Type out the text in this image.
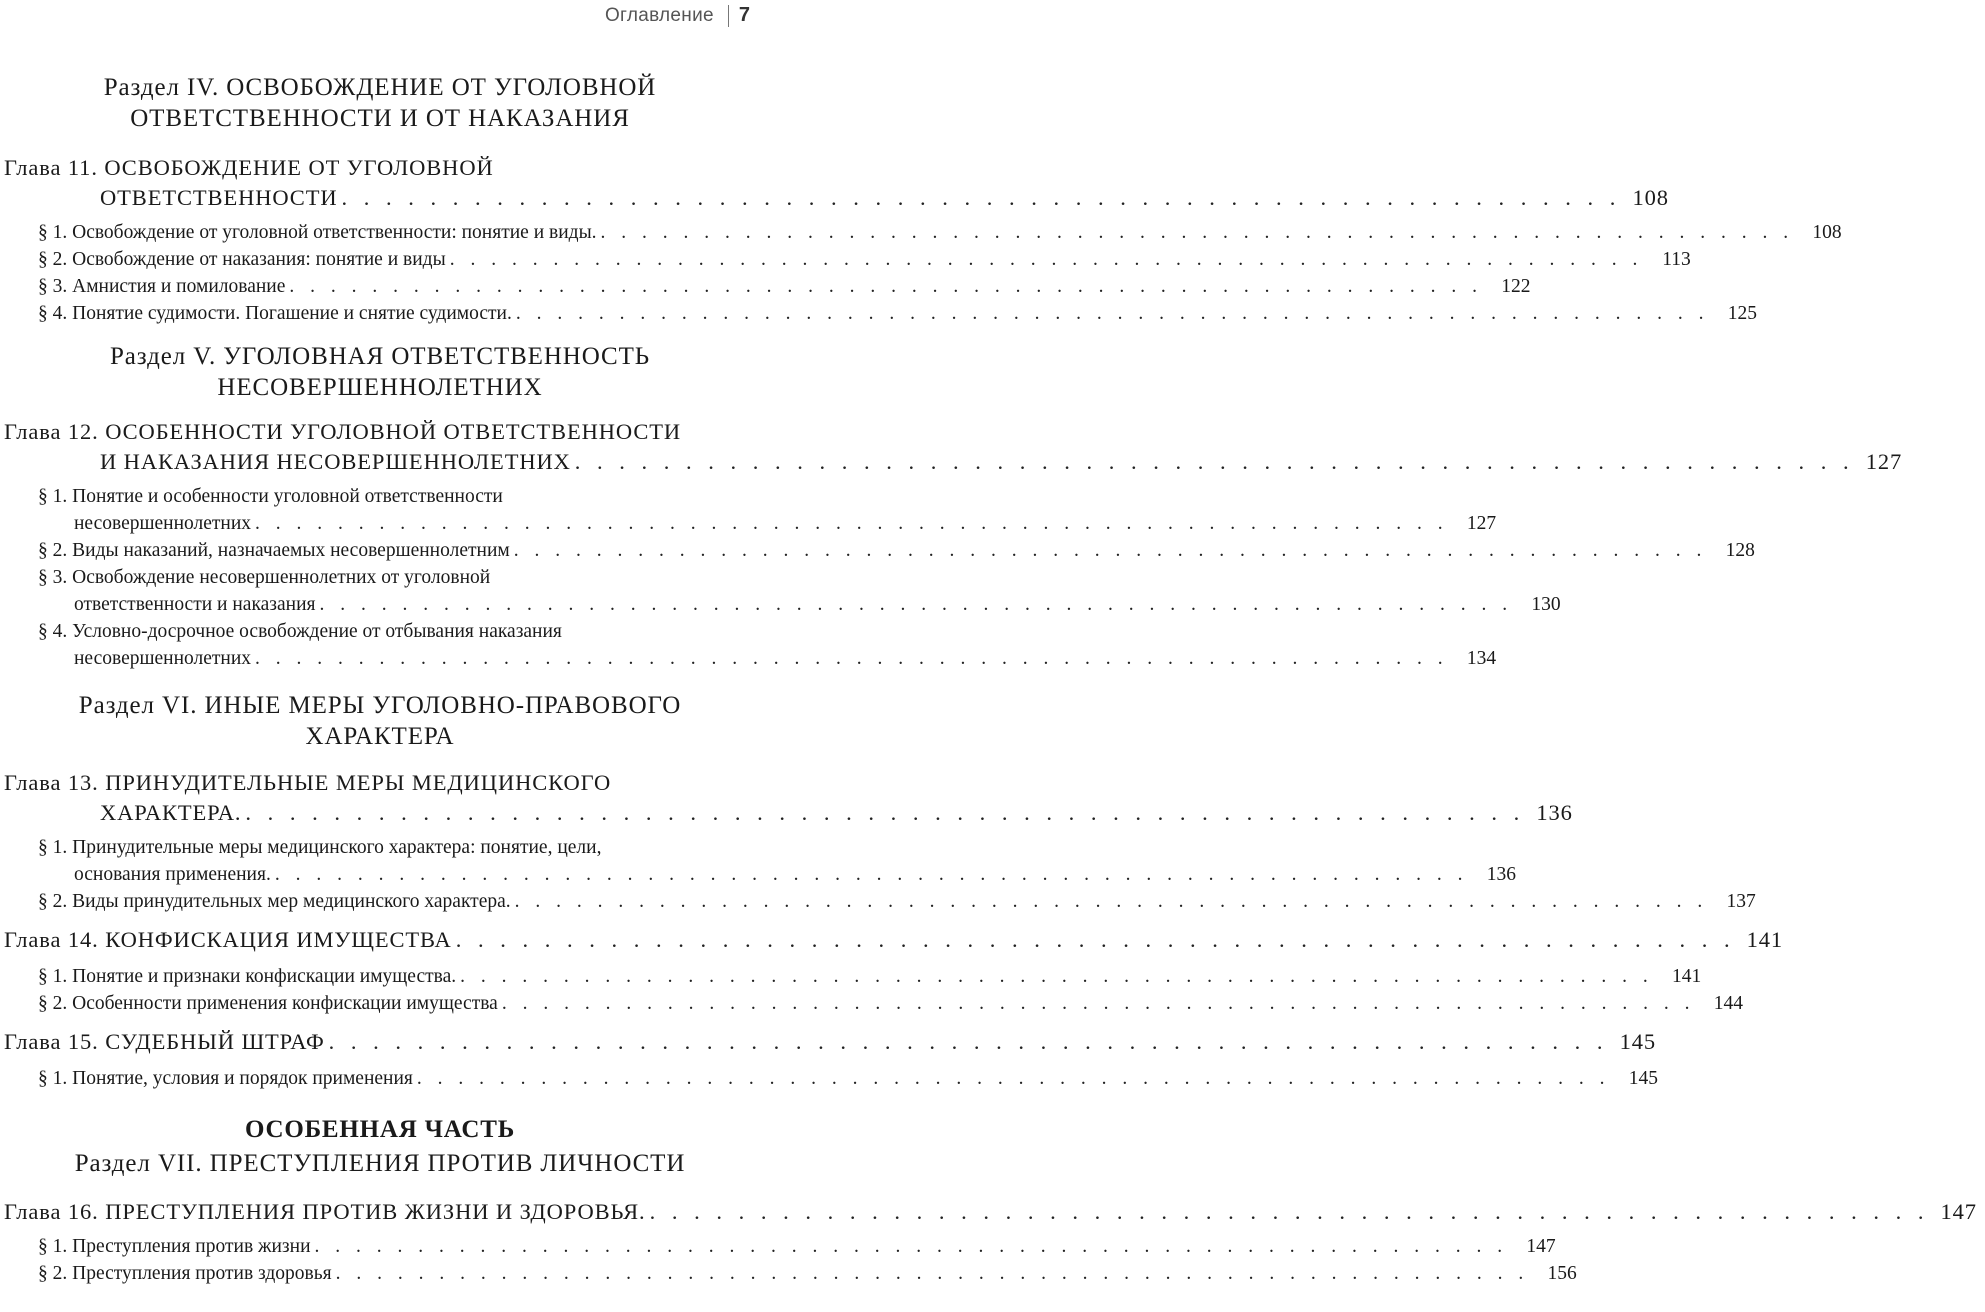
Оглавление 7
Раздел IV. ОСВОБОЖДЕНИЕ ОТ УГОЛОВНОЙ
ОТВЕТСТВЕННОСТИ И ОТ НАКАЗАНИЯ
Глава 11. ОСВОБОЖДЕНИЕ ОТ УГОЛОВНОЙ
ОТВЕТСТВЕННОСТИ . . . . . . . . . . . . . . . . . . . . . . . . . . . . . . . . . . . . . . . . . . . . . . . . . . . . . . . . . . 108
§ 1. Освобождение от уголовной ответственности: понятие и виды. . . . . . . . . . . . . . . . . . . . . . . . . . . . . . . . . . . . . . . . . . . . . . . . . . . . . . . . . . . 108
§ 2. Освобождение от наказания: понятие и виды . . . . . . . . . . . . . . . . . . . . . . . . . . . . . . . . . . . . . . . . . . . . . . . . . . . . . . . . . . 113
§ 3. Амнистия и помилование . . . . . . . . . . . . . . . . . . . . . . . . . . . . . . . . . . . . . . . . . . . . . . . . . . . . . . . . . . 122
§ 4. Понятие судимости. Погашение и снятие судимости. . . . . . . . . . . . . . . . . . . . . . . . . . . . . . . . . . . . . . . . . . . . . . . . . . . . . . . . . . . 125
Раздел V. УГОЛОВНАЯ ОТВЕТСТВЕННОСТЬ
НЕСОВЕРШЕННОЛЕТНИХ
Глава 12. ОСОБЕННОСТИ УГОЛОВНОЙ ОТВЕТСТВЕННОСТИ
И НАКАЗАНИЯ НЕСОВЕРШЕННОЛЕТНИХ . . . . . . . . . . . . . . . . . . . . . . . . . . . . . . . . . . . . . . . . . . . . . . . . . . . . . . . . . . 127
§ 1. Понятие и особенности уголовной ответственности
несовершеннолетних . . . . . . . . . . . . . . . . . . . . . . . . . . . . . . . . . . . . . . . . . . . . . . . . . . . . . . . . . . 127
§ 2. Виды наказаний, назначаемых несовершеннолетним . . . . . . . . . . . . . . . . . . . . . . . . . . . . . . . . . . . . . . . . . . . . . . . . . . . . . . . . . . 128
§ 3. Освобождение несовершеннолетних от уголовной
ответственности и наказания . . . . . . . . . . . . . . . . . . . . . . . . . . . . . . . . . . . . . . . . . . . . . . . . . . . . . . . . . . 130
§ 4. Условно-досрочное освобождение от отбывания наказания
несовершеннолетних . . . . . . . . . . . . . . . . . . . . . . . . . . . . . . . . . . . . . . . . . . . . . . . . . . . . . . . . . . 134
Раздел VI. ИНЫЕ МЕРЫ УГОЛОВНО-ПРАВОВОГО
ХАРАКТЕРА
Глава 13. ПРИНУДИТЕЛЬНЫЕ МЕРЫ МЕДИЦИНСКОГО
ХАРАКТЕРА. . . . . . . . . . . . . . . . . . . . . . . . . . . . . . . . . . . . . . . . . . . . . . . . . . . . . . . . . . . 136
§ 1. Принудительные меры медицинского характера: понятие, цели,
основания применения. . . . . . . . . . . . . . . . . . . . . . . . . . . . . . . . . . . . . . . . . . . . . . . . . . . . . . . . . . . 136
§ 2. Виды принудительных мер медицинского характера. . . . . . . . . . . . . . . . . . . . . . . . . . . . . . . . . . . . . . . . . . . . . . . . . . . . . . . . . . . 137
Глава 14. КОНФИСКАЦИЯ ИМУЩЕСТВА . . . . . . . . . . . . . . . . . . . . . . . . . . . . . . . . . . . . . . . . . . . . . . . . . . . . . . . . . . 141
§ 1. Понятие и признаки конфискации имущества. . . . . . . . . . . . . . . . . . . . . . . . . . . . . . . . . . . . . . . . . . . . . . . . . . . . . . . . . . . 141
§ 2. Особенности применения конфискации имущества . . . . . . . . . . . . . . . . . . . . . . . . . . . . . . . . . . . . . . . . . . . . . . . . . . . . . . . . . . 144
Глава 15. СУДЕБНЫЙ ШТРАФ . . . . . . . . . . . . . . . . . . . . . . . . . . . . . . . . . . . . . . . . . . . . . . . . . . . . . . . . . . 145
§ 1. Понятие, условия и порядок применения . . . . . . . . . . . . . . . . . . . . . . . . . . . . . . . . . . . . . . . . . . . . . . . . . . . . . . . . . . 145
ОСОБЕННАЯ ЧАСТЬ
Раздел VII. ПРЕСТУПЛЕНИЯ ПРОТИВ ЛИЧНОСТИ
Глава 16. ПРЕСТУПЛЕНИЯ ПРОТИВ ЖИЗНИ И ЗДОРОВЬЯ. . . . . . . . . . . . . . . . . . . . . . . . . . . . . . . . . . . . . . . . . . . . . . . . . . . . . . . . . . . 147
§ 1. Преступления против жизни . . . . . . . . . . . . . . . . . . . . . . . . . . . . . . . . . . . . . . . . . . . . . . . . . . . . . . . . . . 147
§ 2. Преступления против здоровья . . . . . . . . . . . . . . . . . . . . . . . . . . . . . . . . . . . . . . . . . . . . . . . . . . . . . . . . . . 156
